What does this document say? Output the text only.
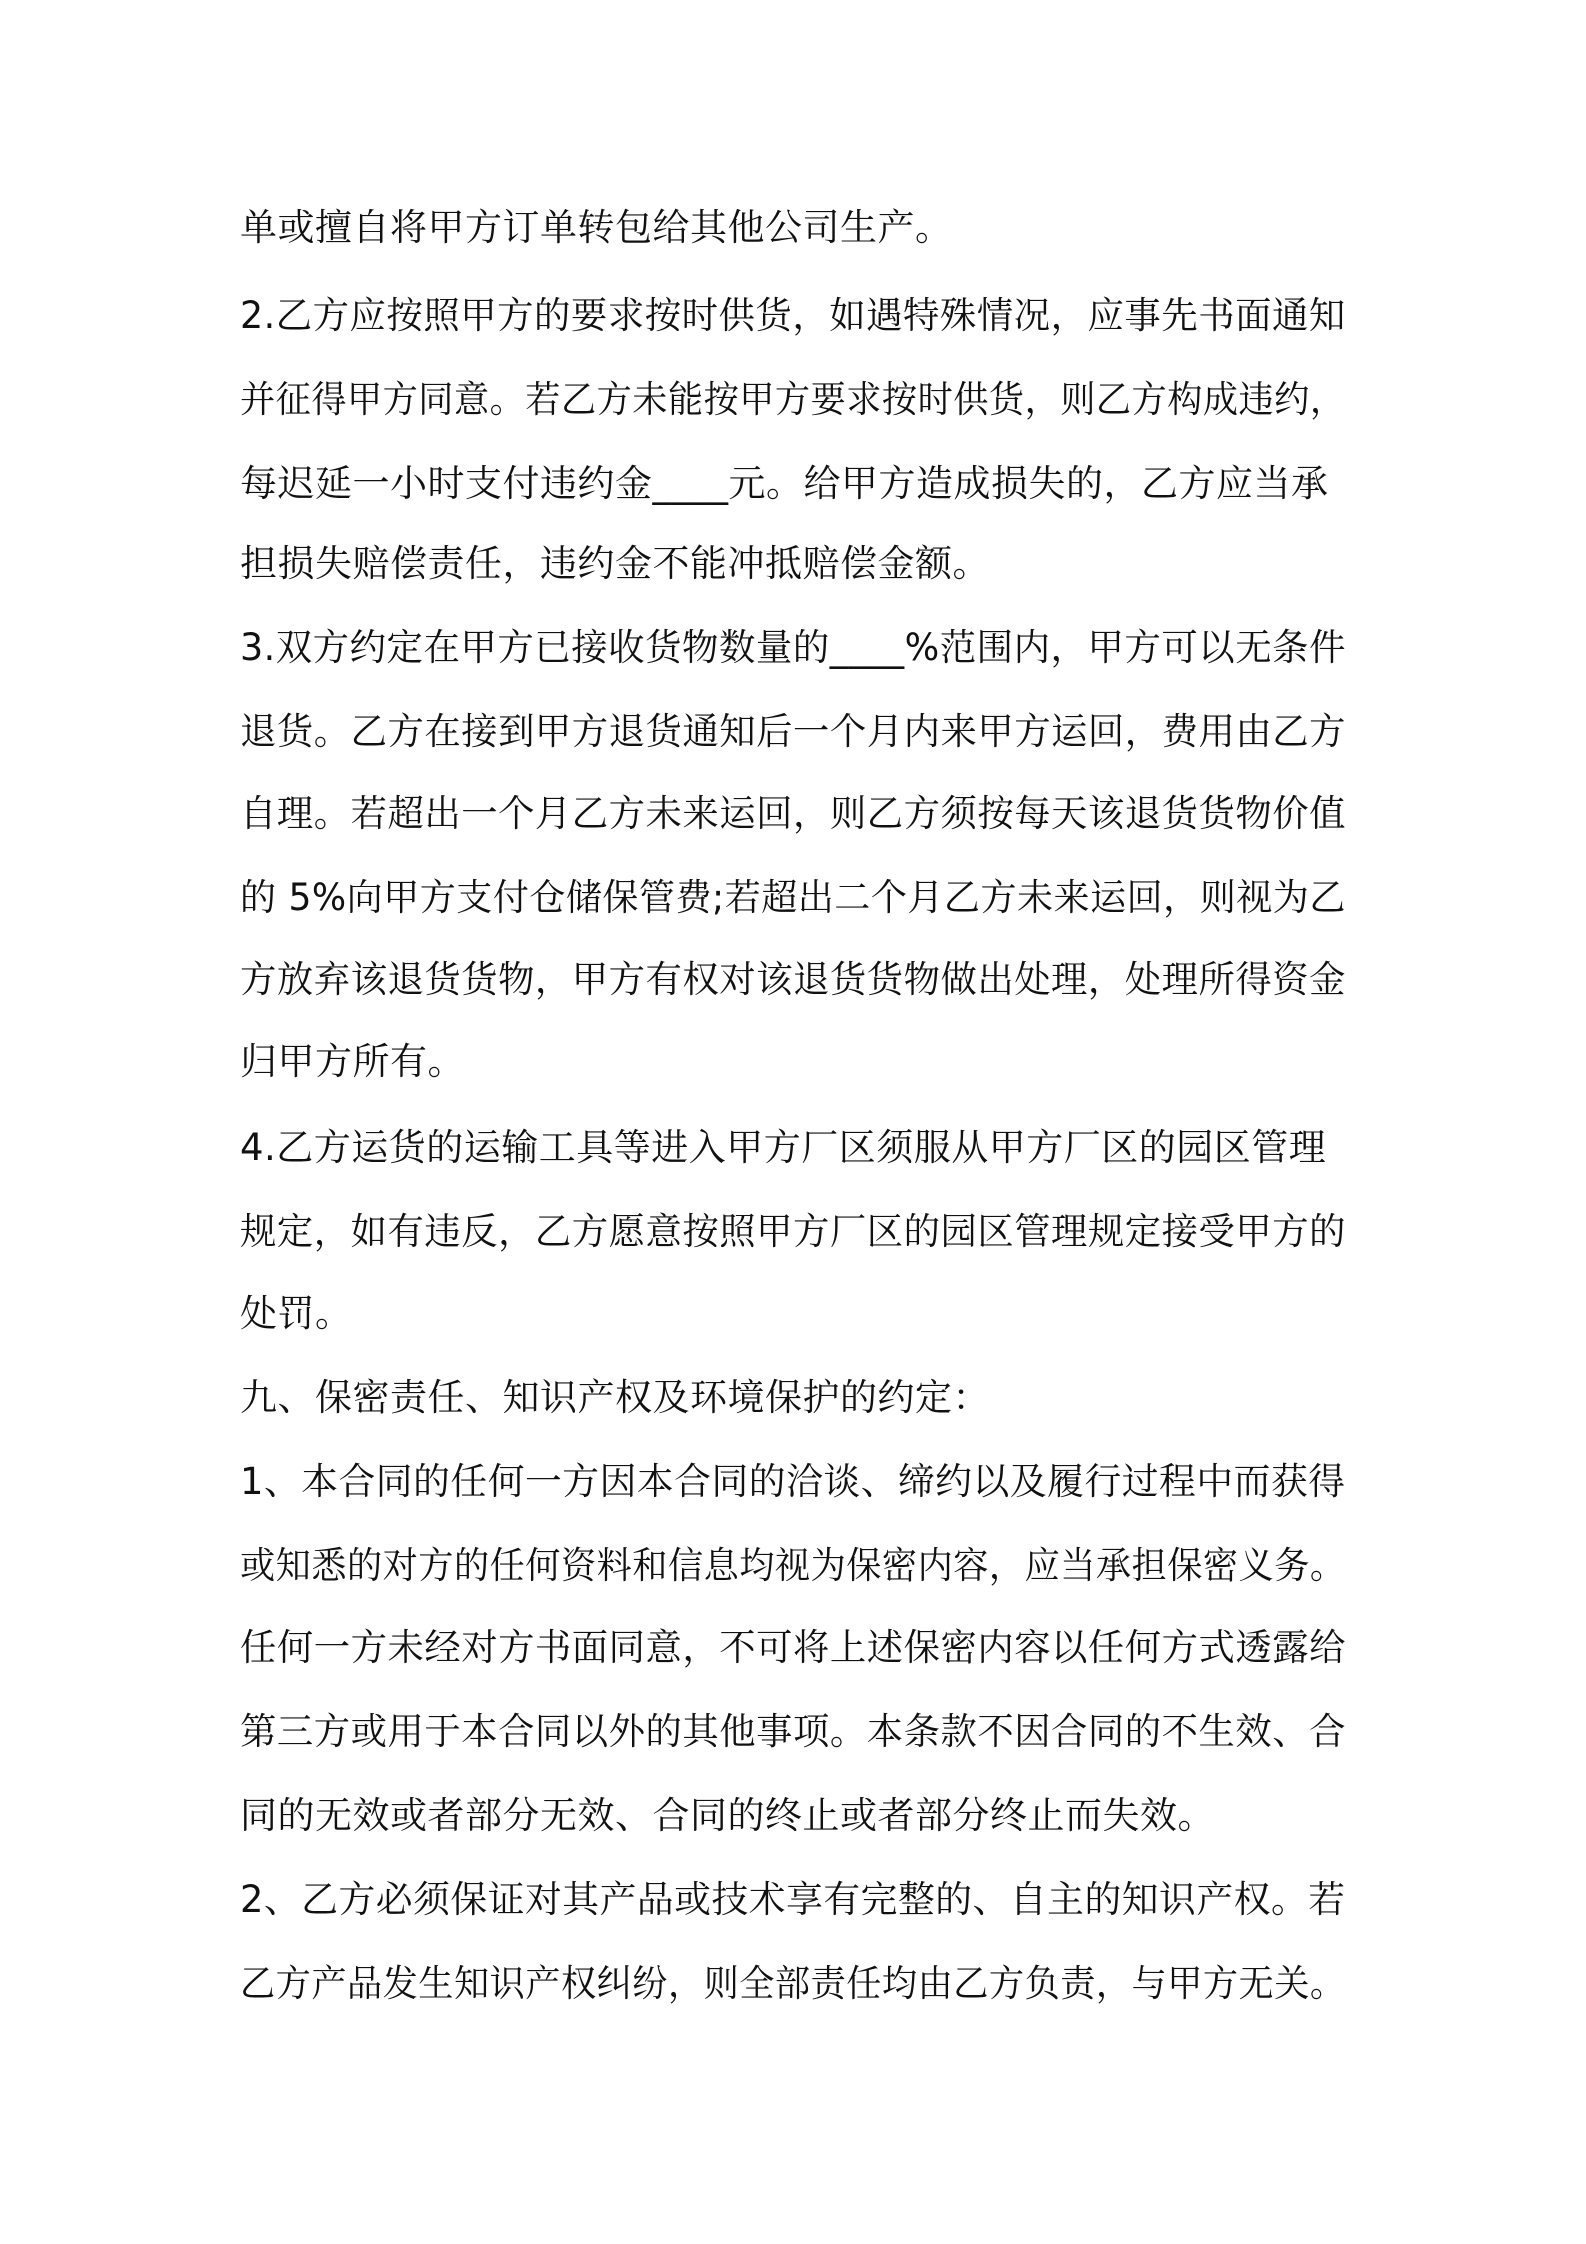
单或擅自将甲方订单转包给其他公司生产。

2.乙方应按照甲方的要求按时供货，如遇特殊情况，应事先书面通知

并征得甲方同意。若乙方未能按甲方要求按时供货，则乙方构成违约，

每迟延一小时支付违约金____元。给甲方造成损失的，乙方应当承

担损失赔偿责任，违约金不能冲抵赔偿金额。

3.双方约定在甲方已接收货物数量的____%范围内，甲方可以无条件

退货。乙方在接到甲方退货通知后一个月内来甲方运回，费用由乙方

自理。若超出一个月乙方未来运回，则乙方须按每天该退货货物价值

的 5%向甲方支付仓储保管费;若超出二个月乙方未来运回，则视为乙

方放弃该退货货物，甲方有权对该退货货物做出处理，处理所得资金

归甲方所有。

4.乙方运货的运输工具等进入甲方厂区须服从甲方厂区的园区管理

规定，如有违反，乙方愿意按照甲方厂区的园区管理规定接受甲方的

处罚。

九、保密责任、知识产权及环境保护的约定：

1、本合同的任何一方因本合同的洽谈、缔约以及履行过程中而获得

或知悉的对方的任何资料和信息均视为保密内容，应当承担保密义务。

任何一方未经对方书面同意，不可将上述保密内容以任何方式透露给

第三方或用于本合同以外的其他事项。本条款不因合同的不生效、合

同的无效或者部分无效、合同的终止或者部分终止而失效。

2、乙方必须保证对其产品或技术享有完整的、自主的知识产权。若

乙方产品发生知识产权纠纷，则全部责任均由乙方负责，与甲方无关。
